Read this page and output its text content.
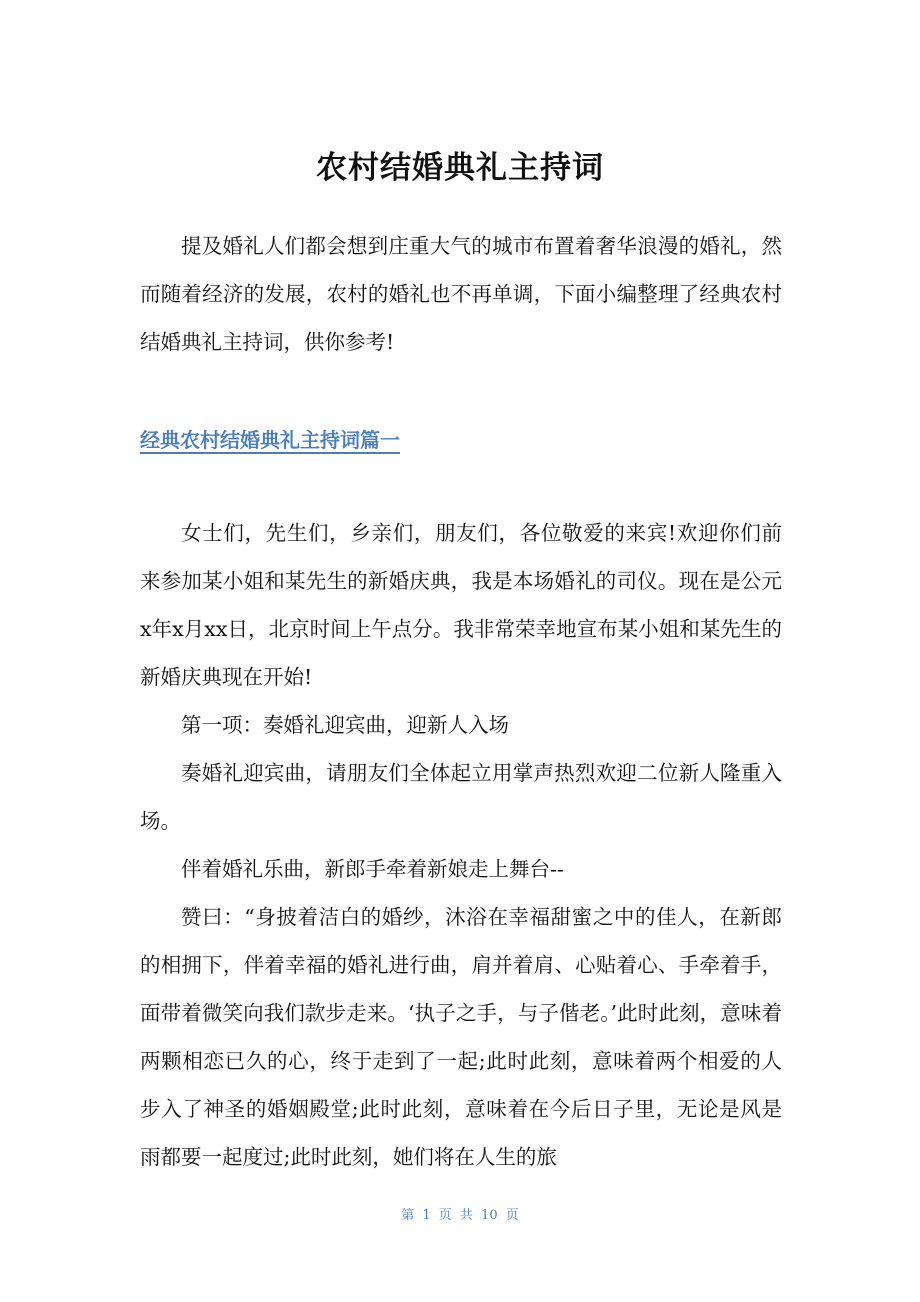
农村结婚典礼主持词

提及婚礼人们都会想到庄重大气的城市布置着奢华浪漫的婚礼，然而随着经济的发展，农村的婚礼也不再单调，下面小编整理了经典农村结婚典礼主持词，供你参考!

经典农村结婚典礼主持词篇一

女士们，先生们，乡亲们，朋友们，各位敬爱的来宾!欢迎你们前来参加某小姐和某先生的新婚庆典，我是本场婚礼的司仪。现在是公元x年x月xx日，北京时间上午点分。我非常荣幸地宣布某小姐和某先生的新婚庆典现在开始!

第一项：奏婚礼迎宾曲，迎新人入场

奏婚礼迎宾曲，请朋友们全体起立用掌声热烈欢迎二位新人隆重入场。

伴着婚礼乐曲，新郎手牵着新娘走上舞台--

赞曰：“身披着洁白的婚纱，沐浴在幸福甜蜜之中的佳人，在新郎的相拥下，伴着幸福的婚礼进行曲，肩并着肩、心贴着心、手牵着手，面带着微笑向我们款步走来。‘执子之手，与子偕老。’此时此刻，意味着两颗相恋已久的心，终于走到了一起;此时此刻，意味着两个相爱的人步入了神圣的婚姻殿堂;此时此刻，意味着在今后日子里，无论是风是雨都要一起度过;此时此刻，她们将在人生的旅

第 1 页 共 10 页
